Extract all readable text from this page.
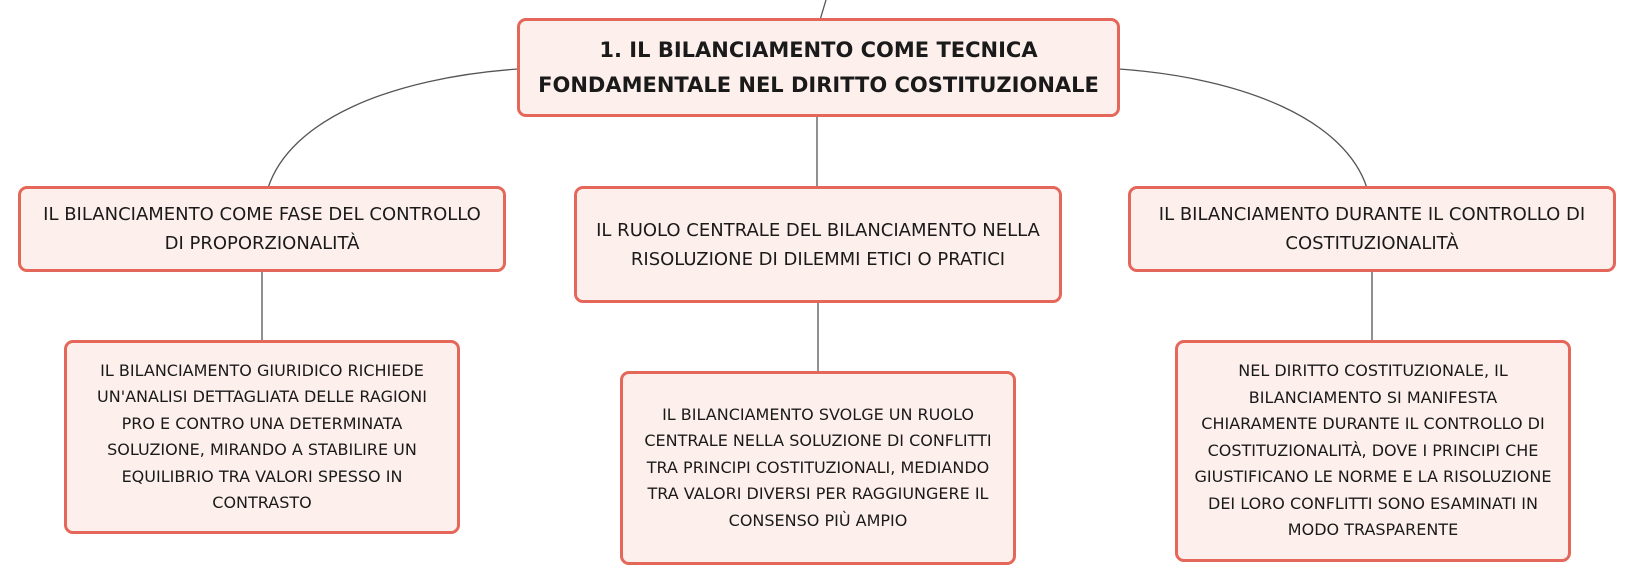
1. IL BILANCIAMENTO COME TECNICA FONDAMENTALE NEL DIRITTO COSTITUZIONALE
IL BILANCIAMENTO COME FASE DEL CONTROLLO DI PROPORZIONALITÀ
IL RUOLO CENTRALE DEL BILANCIAMENTO NELLA RISOLUZIONE DI DILEMMI ETICI O PRATICI
IL BILANCIAMENTO DURANTE IL CONTROLLO DI COSTITUZIONALITÀ
IL BILANCIAMENTO GIURIDICO RICHIEDE UN'ANALISI DETTAGLIATA DELLE RAGIONI PRO E CONTRO UNA DETERMINATA SOLUZIONE, MIRANDO A STABILIRE UN EQUILIBRIO TRA VALORI SPESSO IN CONTRASTO
IL BILANCIAMENTO SVOLGE UN RUOLO CENTRALE NELLA SOLUZIONE DI CONFLITTI TRA PRINCIPI COSTITUZIONALI, MEDIANDO TRA VALORI DIVERSI PER RAGGIUNGERE IL CONSENSO PIÙ AMPIO
NEL DIRITTO COSTITUZIONALE, IL BILANCIAMENTO SI MANIFESTA CHIARAMENTE DURANTE IL CONTROLLO DI COSTITUZIONALITÀ, DOVE I PRINCIPI CHE GIUSTIFICANO LE NORME E LA RISOLUZIONE DEI LORO CONFLITTI SONO ESAMINATI IN MODO TRASPARENTE
